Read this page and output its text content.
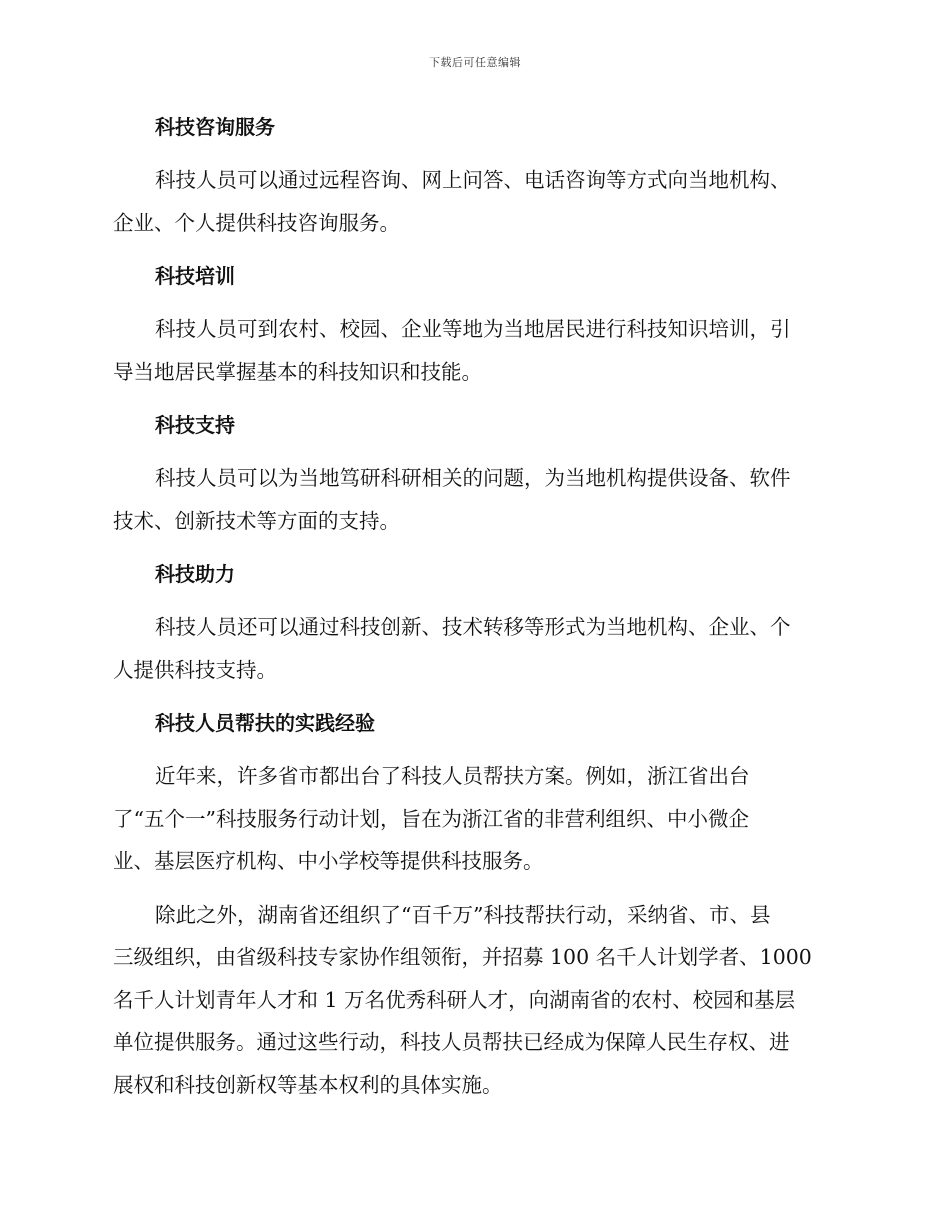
下载后可任意编辑
科技咨询服务
科技人员可以通过远程咨询、网上问答、电话咨询等方式向当地机构、
企业、个人提供科技咨询服务。
科技培训
科技人员可到农村、校园、企业等地为当地居民进行科技知识培训，引
导当地居民掌握基本的科技知识和技能。
科技支持
科技人员可以为当地笃研科研相关的问题，为当地机构提供设备、软件
技术、创新技术等方面的支持。
科技助力
科技人员还可以通过科技创新、技术转移等形式为当地机构、企业、个
人提供科技支持。
科技人员帮扶的实践经验
近年来，许多省市都出台了科技人员帮扶方案。例如，浙江省出台
了“五个一”科技服务行动计划，旨在为浙江省的非营利组织、中小微企
业、基层医疗机构、中小学校等提供科技服务。
除此之外，湖南省还组织了“百千万”科技帮扶行动，采纳省、市、县
三级组织，由省级科技专家协作组领衔，并招募 100 名千人计划学者、1000
名千人计划青年人才和 1 万名优秀科研人才，向湖南省的农村、校园和基层
单位提供服务。通过这些行动，科技人员帮扶已经成为保障人民生存权、进
展权和科技创新权等基本权利的具体实施。
